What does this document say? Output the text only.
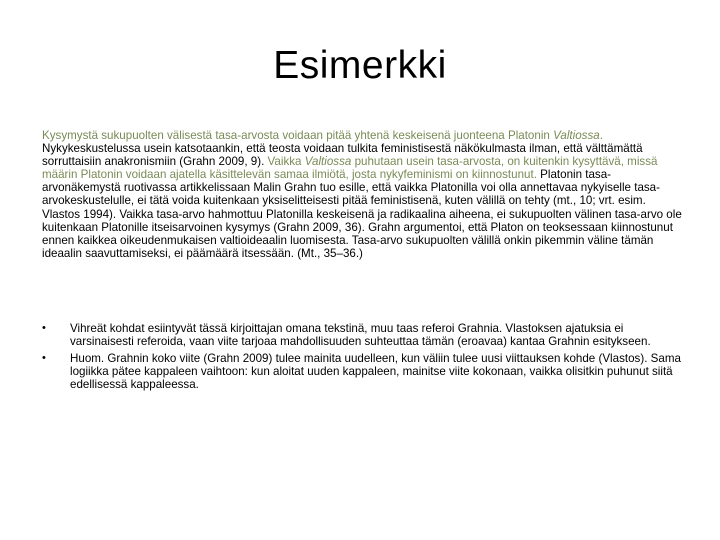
Esimerkki
Kysymystä sukupuolten välisestä tasa-arvosta voidaan pitää yhtenä keskeisenä juonteena Platonin Valtiossa. Nykykeskustelussa usein katsotaankin, että teosta voidaan tulkita feministisestä näkökulmasta ilman, että välttämättä sorruttaisiin anakronismiin (Grahn 2009, 9). Vaikka Valtiossa puhutaan usein tasa-arvosta, on kuitenkin kysyttävä, missä määrin Platonin voidaan ajatella käsittelevän samaa ilmiötä, josta nykyfeminismi on kiinnostunut. Platonin tasa-arvonäkemystä ruotivassa artikkelissaan Malin Grahn tuo esille, että vaikka Platonilla voi olla annettavaa nykyiselle tasa-arvokeskustelulle, ei tätä voida kuitenkaan yksiselitteisesti pitää feministisenä, kuten välillä on tehty (mt., 10; vrt. esim. Vlastos 1994). Vaikka tasa-arvo hahmottuu Platonilla keskeisenä ja radikaalina aiheena, ei sukupuolten välinen tasa-arvo ole kuitenkaan Platonille itseisarvoinen kysymys (Grahn 2009, 36). Grahn argumentoi, että Platon on teoksessaan kiinnostunut ennen kaikkea oikeudenmukaisen valtioideaalin luomisesta. Tasa-arvo sukupuolten välillä onkin pikemmin väline tämän ideaalin saavuttamiseksi, ei päämäärä itsessään. (Mt., 35–36.)
• Vihreät kohdat esiintyvät tässä kirjoittajan omana tekstinä, muu taas referoi Grahnia. Vlastoksen ajatuksia ei varsinaisesti referoida, vaan viite tarjoaa mahdollisuuden suhteuttaa tämän (eroavaa) kantaa Grahnin esitykseen.
• Huom. Grahnin koko viite (Grahn 2009) tulee mainita uudelleen, kun väliin tulee uusi viittauksen kohde (Vlastos). Sama logiikka pätee kappaleen vaihtoon: kun aloitat uuden kappaleen, mainitse viite kokonaan, vaikka olisitkin puhunut siitä edellisessä kappaleessa.
